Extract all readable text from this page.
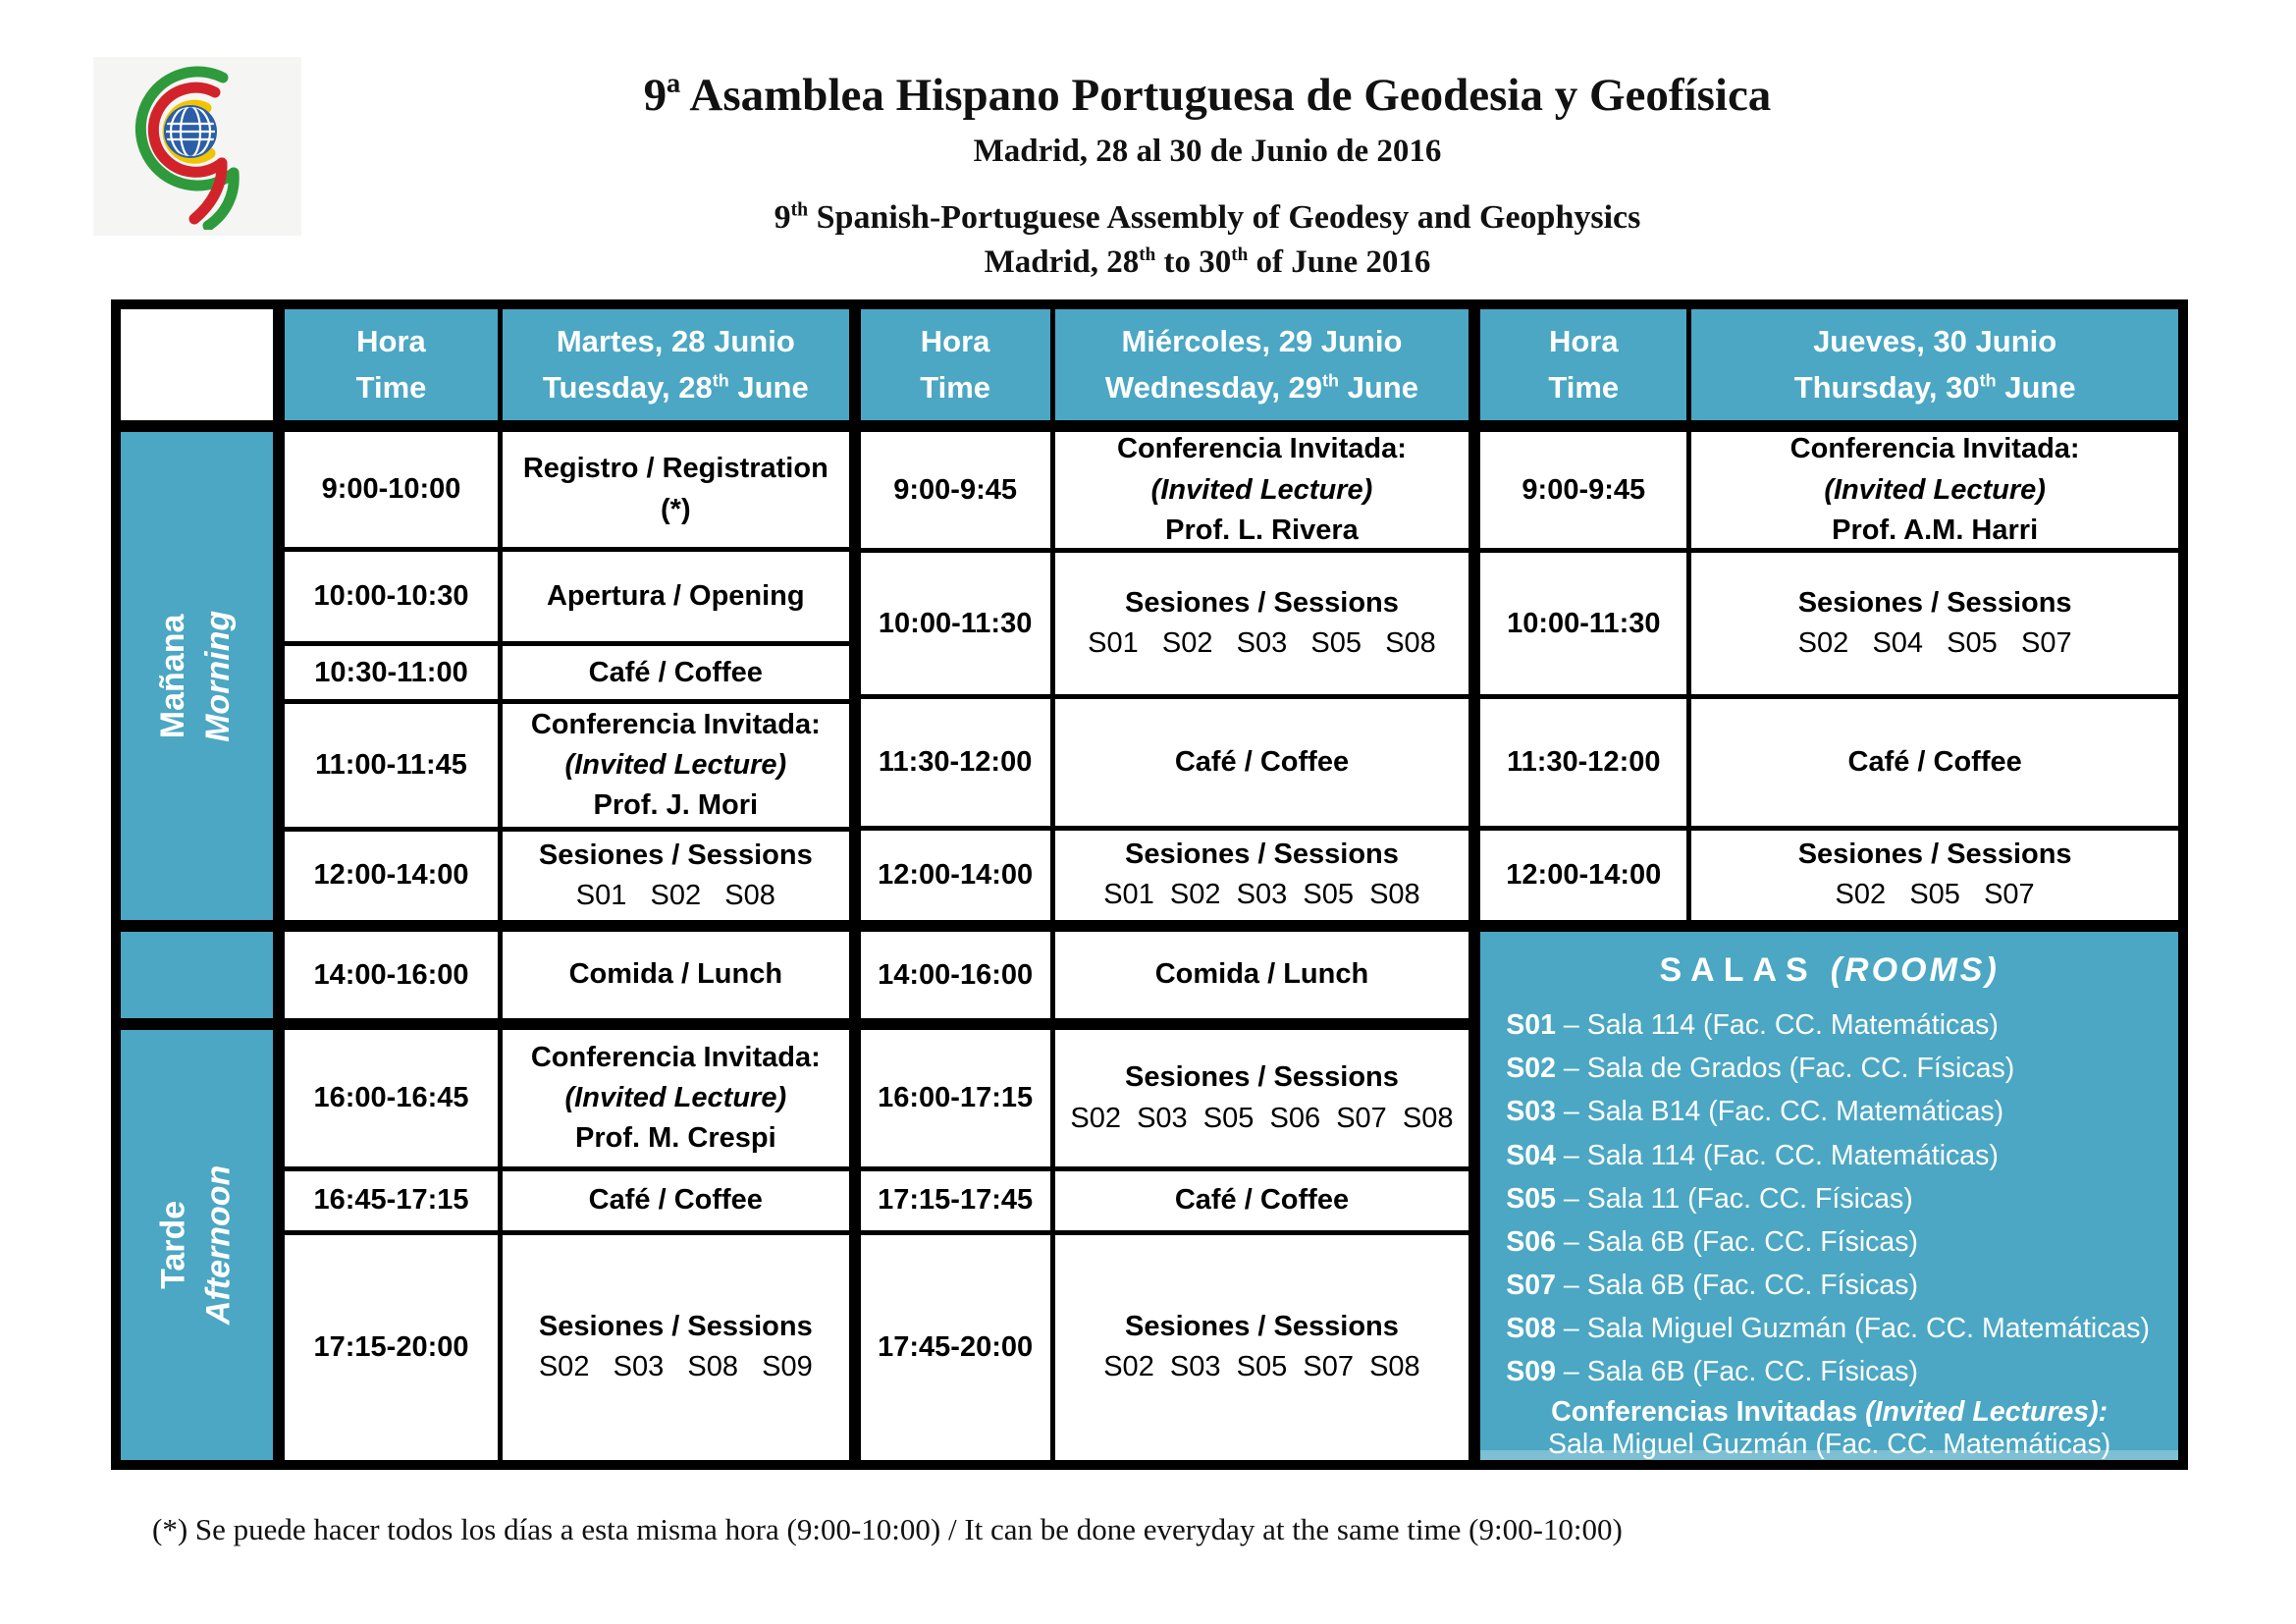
9ª Asamblea Hispano Portuguesa de Geodesia y Geofísica
Madrid, 28 al 30 de Junio de 2016
9th Spanish-Portuguese Assembly of Geodesy and Geophysics
Madrid, 28th to 30th of June 2016
Mañana Morning
Tarde Afternoon
Hora
Time
Martes, 28 Junio
Tuesday, 28th June
9:00-10:00
Registro / Registration
(*)
10:00-10:30	Apertura / Opening
10:30-11:00	Café / Coffee
11:00-11:45
Conferencia Invitada:
(Invited Lecture)
Prof. J. Mori
12:00-14:00
Sesiones / Sessions
S01   S02   S08
14:00-16:00	Comida / Lunch
16:00-16:45
Conferencia Invitada:
(Invited Lecture)
Prof. M. Crespi
16:45-17:15	Café / Coffee
17:15-20:00
Sesiones / Sessions
S02   S03   S08   S09
Hora
Time
Miércoles, 29 Junio
Wednesday, 29th June
9:00-9:45
Conferencia Invitada:
(Invited Lecture)
Prof. L. Rivera
10:00-11:30
Sesiones / Sessions
S01   S02   S03   S05   S08
11:30-12:00	Café / Coffee
12:00-14:00
Sesiones / Sessions
S01  S02  S03  S05  S08
14:00-16:00	Comida / Lunch
16:00-17:15
Sesiones / Sessions
S02  S03  S05  S06  S07  S08
17:15-17:45	Café / Coffee
17:45-20:00
Sesiones / Sessions
S02  S03  S05  S07  S08
Hora
Time
Jueves, 30 Junio
Thursday, 30th June
9:00-9:45
Conferencia Invitada:
(Invited Lecture)
Prof. A.M. Harri
10:00-11:30
Sesiones / Sessions
S02   S04   S05   S07
11:30-12:00	Café / Coffee
12:00-14:00
Sesiones / Sessions
S02   S05   S07
SALAS (ROOMS)
S01 – Sala 114 (Fac. CC. Matemáticas)
S02 – Sala de Grados (Fac. CC. Físicas)
S03 – Sala B14 (Fac. CC. Matemáticas)
S04 – Sala 114 (Fac. CC. Matemáticas)
S05 – Sala 11 (Fac. CC. Físicas)
S06 – Sala 6B (Fac. CC. Físicas)
S07 – Sala 6B (Fac. CC. Físicas)
S08 – Sala Miguel Guzmán (Fac. CC. Matemáticas)
S09 – Sala 6B (Fac. CC. Físicas)
Conferencias Invitadas (Invited Lectures):
Sala Miguel Guzmán (Fac. CC. Matemáticas)
(*) Se puede hacer todos los días a esta misma hora (9:00-10:00) / It can be done everyday at the same time (9:00-10:00)
